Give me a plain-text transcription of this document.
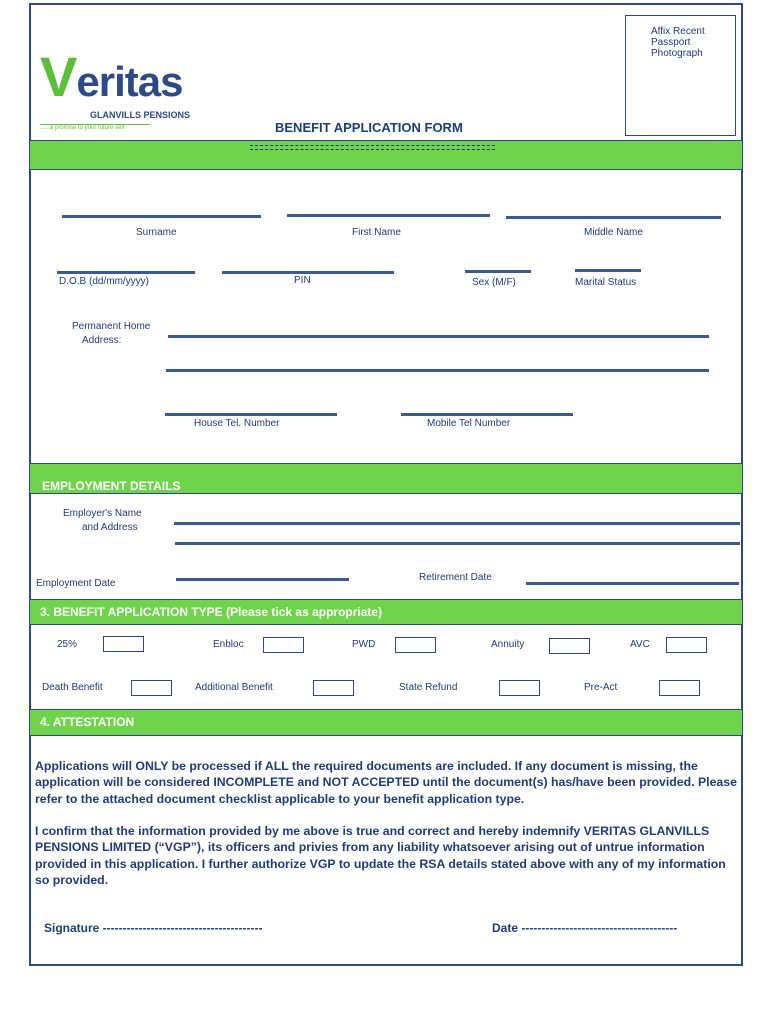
Veritas
GLANVILLS PENSIONS
......a promise to your future self
Affix Recent
Passport
Photograph
BENEFIT APPLICATION FORM
Surname	First Name	Middle Name
D.O.B (dd/mm/yyyy)	PIN	Sex (M/F)	Marital Status
Permanent Home
Address:
House Tel. Number	Mobile Tel Number
EMPLOYMENT DETAILS
Employer's Name
and Address
Employment Date
Retirement Date
3. BENEFIT APPLICATION TYPE (Please tick as appropriate)
25%	Enbloc	PWD	Annuity	AVC
Death Benefit	Additional Benefit	State Refund	Pre-Act
4. ATTESTATION
Applications will ONLY be processed if ALL the required documents are included. If any document is missing, the application will be considered INCOMPLETE and NOT ACCEPTED until the document(s) has/have been provided. Please refer to the attached document checklist applicable to your benefit application type.
I confirm that the information provided by me above is true and correct and hereby indemnify VERITAS GLANVILLS PENSIONS LIMITED (“VGP”), its officers and privies from any liability whatsoever arising out of untrue information provided in this application. I further authorize VGP to update the RSA details stated above with any of my information so provided.
Signature ----------------------------------------	Date ---------------------------------------
